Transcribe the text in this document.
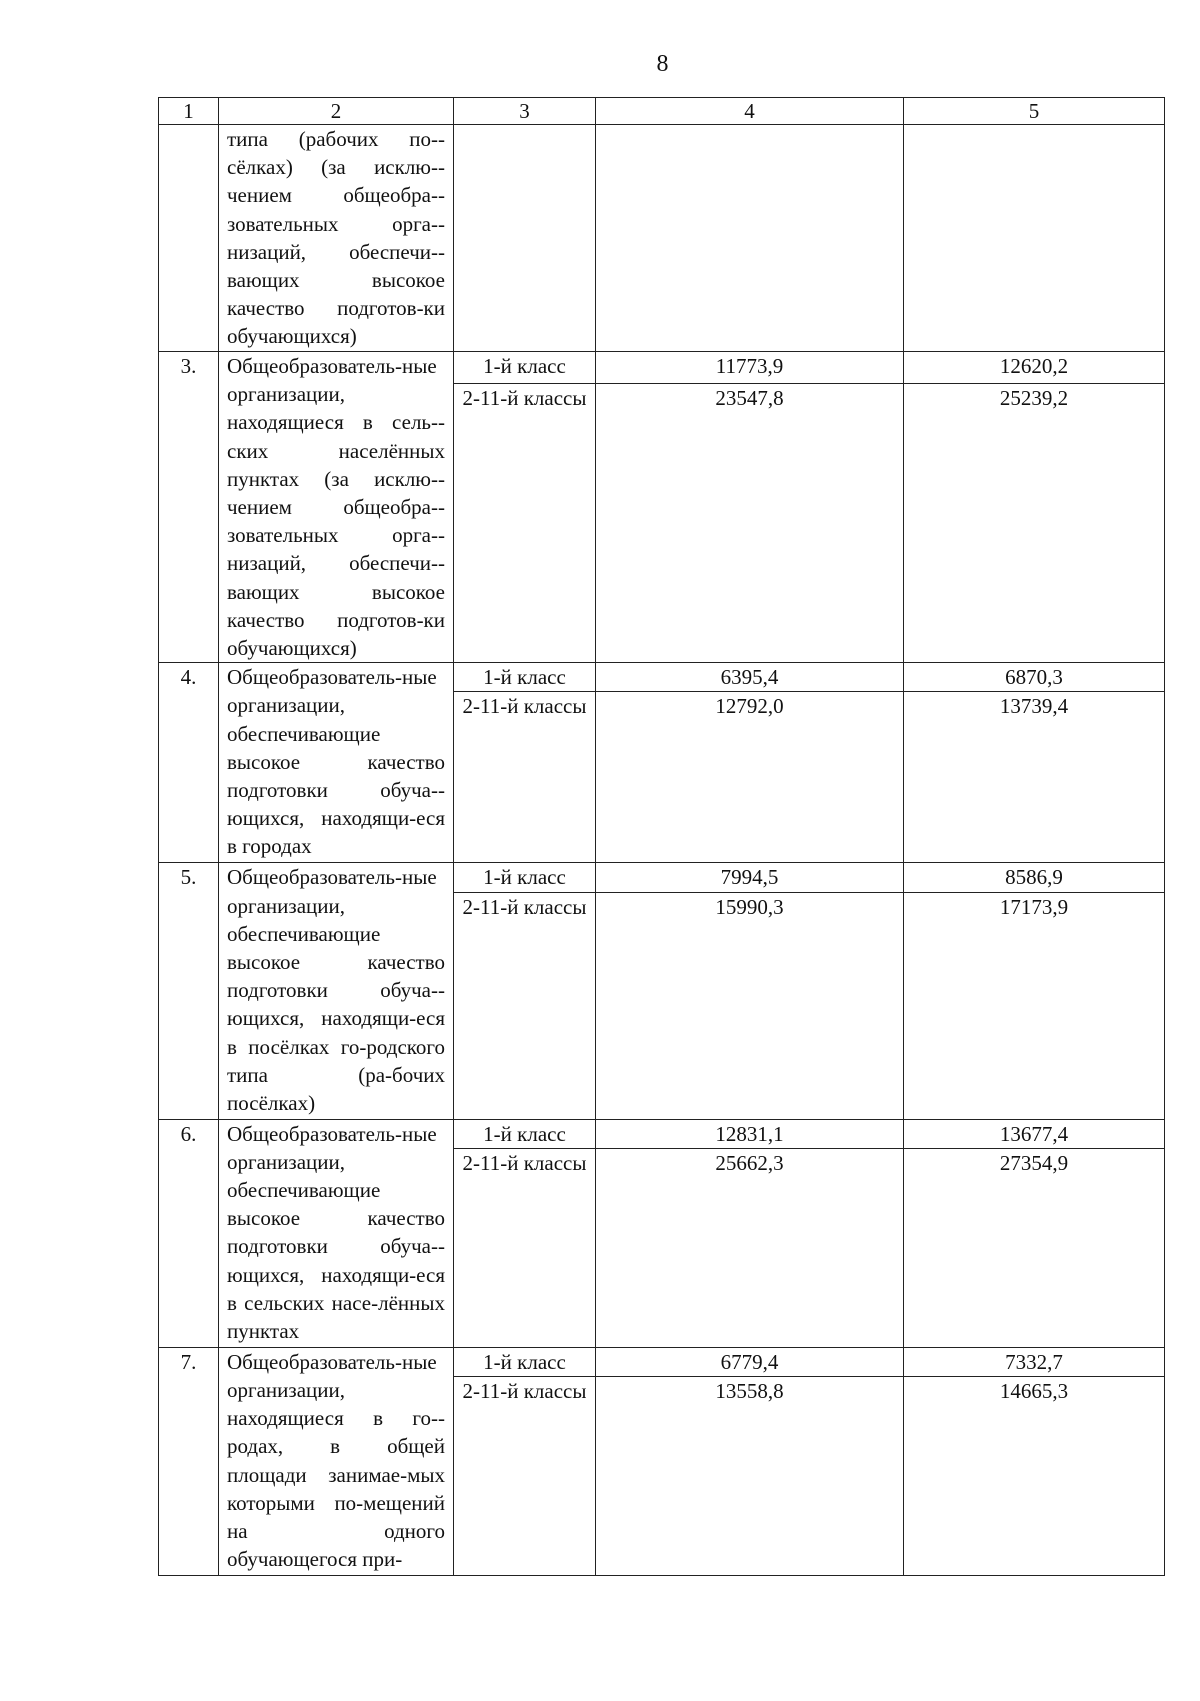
8
1	2	3	4	5
	типа (рабочих по-сёлках) (за исклю-чением общеобра-зовательных орга-низаций, обеспечи-вающих высокое качество подготов-ки обучающихся)			
3.	Общеобразователь-ные организации, находящиеся в сель-ских населённых пунктах (за исклю-чением общеобра-зовательных орга-низаций, обеспечи-вающих высокое качество подготов-ки обучающихся)	1-й класс	11773,9	12620,2
		2-11-й классы	23547,8	25239,2
4.	Общеобразователь-ные организации, обеспечивающие высокое качество подготовки обуча-ющихся, находящи-еся в городах	1-й класс	6395,4	6870,3
		2-11-й классы	12792,0	13739,4
5.	Общеобразователь-ные организации, обеспечивающие высокое качество подготовки обуча-ющихся, находящи-еся в посёлках го-родского типа (ра-бочих посёлках)	1-й класс	7994,5	8586,9
		2-11-й классы	15990,3	17173,9
6.	Общеобразователь-ные организации, обеспечивающие высокое качество подготовки обуча-ющихся, находящи-еся в сельских насе-лённых пунктах	1-й класс	12831,1	13677,4
		2-11-й классы	25662,3	27354,9
7.	Общеобразователь-ные организации, находящиеся в го-родах, в общей площади занимае-мых которыми по-мещений на одного обучающегося при-	1-й класс	6779,4	7332,7
		2-11-й классы	13558,8	14665,3
